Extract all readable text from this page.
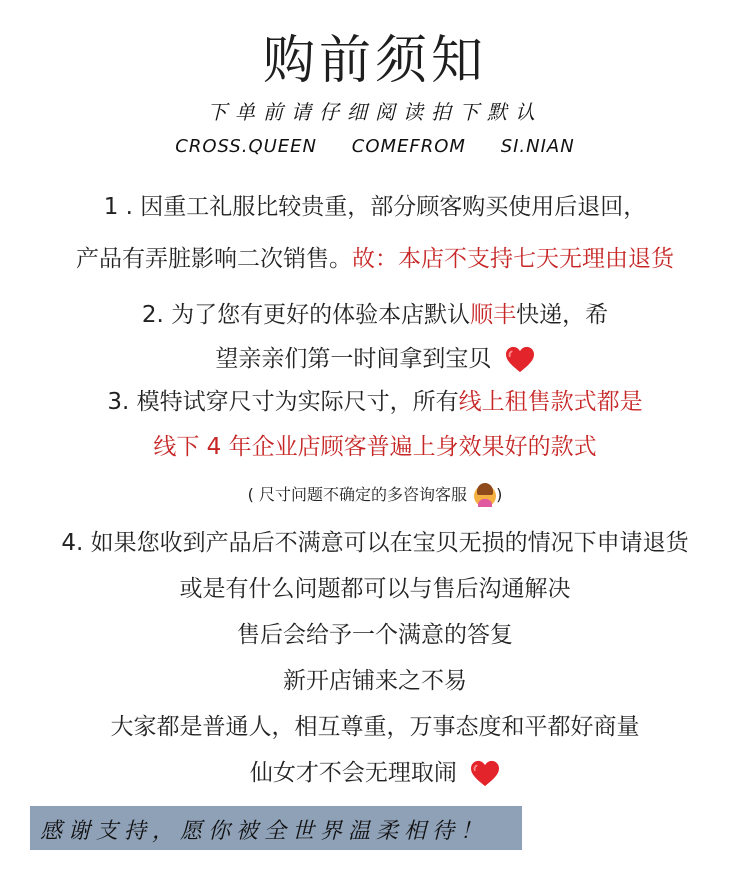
购前须知
下单前请仔细阅读拍下默认
CROSS.QUEEN COMEFROM SI.NIAN
1 . 因重工礼服比较贵重，部分顾客购买使用后退回，
产品有弄脏影响二次销售。故：本店不支持七天无理由退货
2. 为了您有更好的体验本店默认顺丰快递，希
望亲亲们第一时间拿到宝贝
3. 模特试穿尺寸为实际尺寸，所有线上租售款式都是
线下 4 年企业店顾客普遍上身效果好的款式
( 尺寸问题不确定的多咨询客服 )
4. 如果您收到产品后不满意可以在宝贝无损的情况下申请退货
或是有什么问题都可以与售后沟通解决
售后会给予一个满意的答复
新开店铺来之不易
大家都是普通人，相互尊重，万事态度和平都好商量
仙女才不会无理取闹
感谢支持，愿你被全世界温柔相待！
